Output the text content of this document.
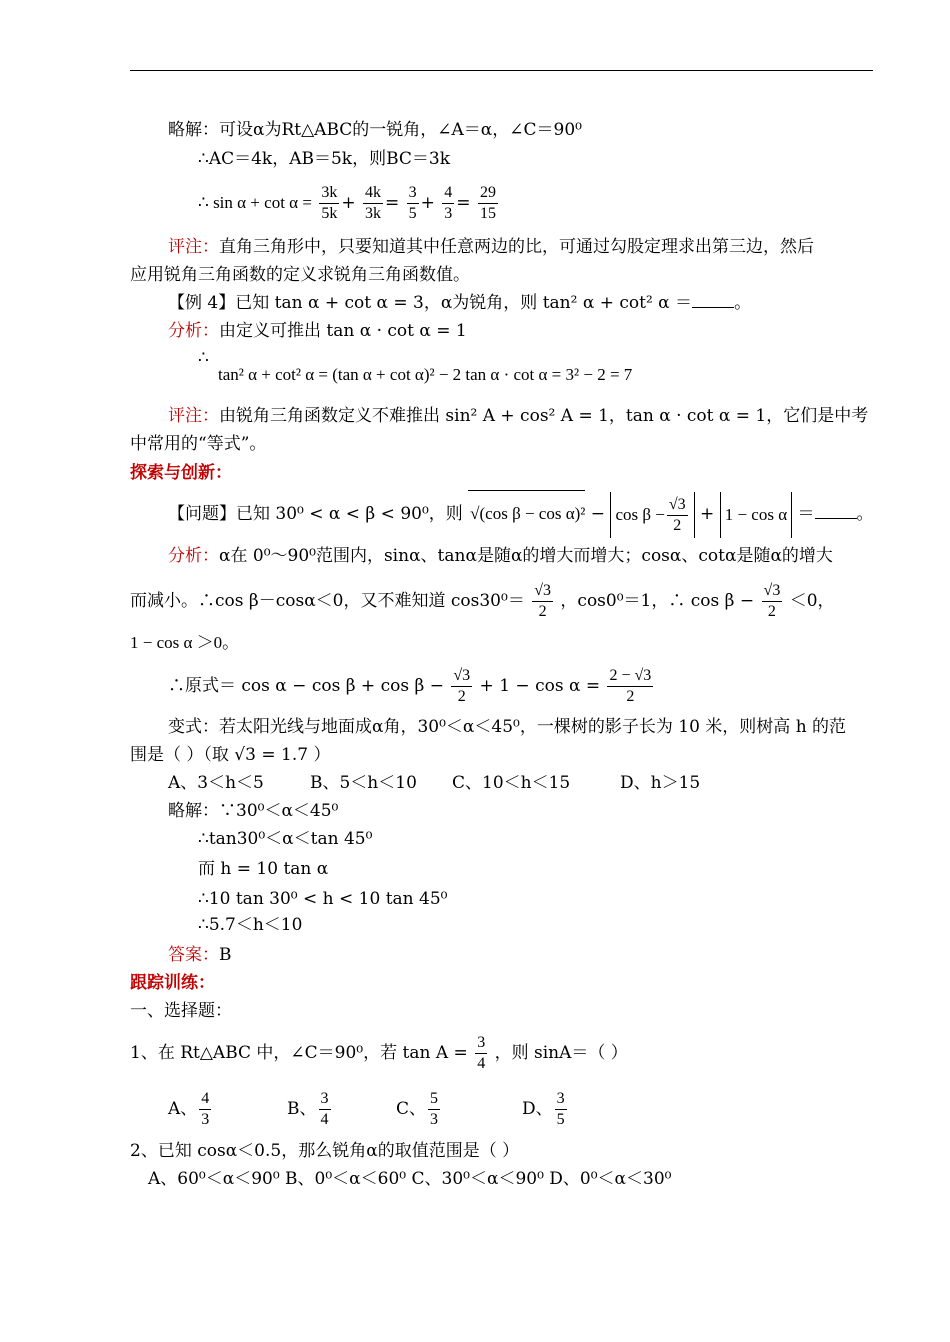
略解：可设α为Rt△ABC的一锐角，∠A＝α，∠C＝90⁰
∴AC＝4k，AB＝5k，则BC＝3k
∴ $\sin \alpha + \cot \alpha = \frac{3k}{5k} + \frac{4k}{3k} = \frac{3}{5} + \frac{4}{3} = \frac{29}{15}$
评注：直角三角形中，只要知道其中任意两边的比，可通过勾股定理求出第三边，然后
应用锐角三角函数的定义求锐角三角函数值。
【例 4】已知 tan α + cot α = 3，α为锐角，则 tan² α + cot² α ＝ 。
分析：由定义可推出 tan α · cot α = 1
∴
tan² α + cot² α = (tan α + cot α)² − 2 tan α · cot α = 3² − 2 = 7
评注：由锐角三角函数定义不难推出 sin² A + cos² A = 1，tan α · cot α = 1，它们是中考
中常用的“等式”。
探索与创新：
【问题】已知 30⁰ < α < β < 90⁰，则 √(cos $\beta - \cos \alpha)^2 - \cos \beta - \frac{√3}{2} + 1 - \cos \alpha$ ＝ 。
分析：α在 0⁰～90⁰范围内，sinα、tanα是随α的增大而增大；cosα、cotα是随α的增大
而减小。∴cos β－cosα＜0，又不难知道 $\cos 30^0= \frac{√3}{2}$ ，cos0⁰＝1，∴ $\cos \beta - \frac{√3}{2} <0$，
1 − cos α ＞0。
∴原式＝ $\cos \alpha - \cos \beta + \cos \beta - \frac{√3}{2} + 1 - \cos \alpha = \frac{2 - √3}{2}$
变式：若太阳光线与地面成α角，30⁰＜α＜45⁰，一棵树的影子长为 10 米，则树高 h 的范
围是（ ）（取 √3 = 1.7 ）
A、3＜h＜5	B、5＜h＜10 C、10＜h＜15	D、h＞15
略解：∵30⁰＜α＜45⁰
∴tan30⁰＜α＜tan 45⁰
而 h = 10 tan α
∴10 tan 30⁰ < h < 10 tan 45⁰
∴5.7＜h＜10
答案：B
跟踪训练：
一、选择题：
1、在 Rt△ABC 中，∠C＝90⁰，若 $\tan A = \frac{3}{4}$ ，则 sinA＝（ ）
A、 $\frac{4}{3}$	B、 $\frac{3}{4}$	C、 $\frac{5}{3}$	D、 $\frac{3}{5}$
2、已知 cosα＜0.5，那么锐角α的取值范围是（ ）
A、60⁰＜α＜90⁰ B、0⁰＜α＜60⁰ C、30⁰＜α＜90⁰ D、0⁰＜α＜30⁰
